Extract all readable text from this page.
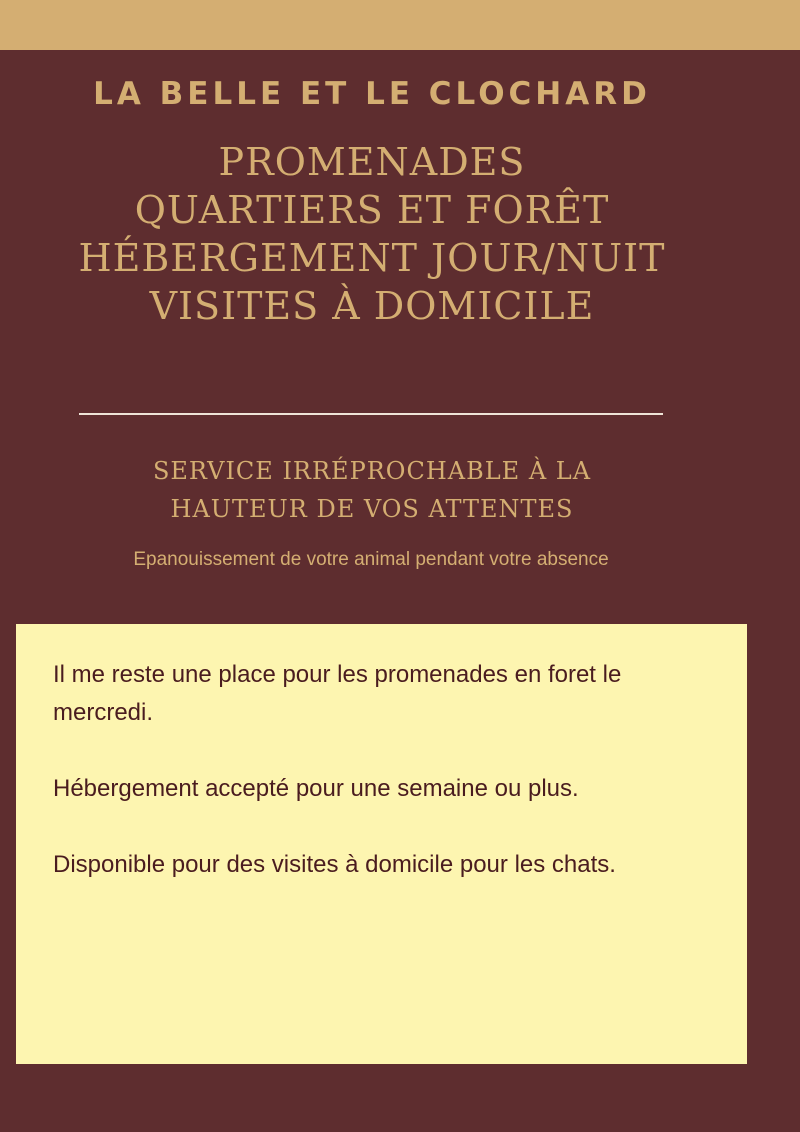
LA BELLE ET LE CLOCHARD
PROMENADES
QUARTIERS ET FORÊT
HÉBERGEMENT JOUR/NUIT
VISITES À DOMICILE
SERVICE IRRÉPROCHABLE À LA
HAUTEUR DE VOS ATTENTES
Epanouissement de votre animal pendant votre absence

Il me reste une place pour les promenades en foret le mercredi.

Hébergement accepté pour une semaine ou plus.

Disponible pour des visites à domicile pour les chats.
